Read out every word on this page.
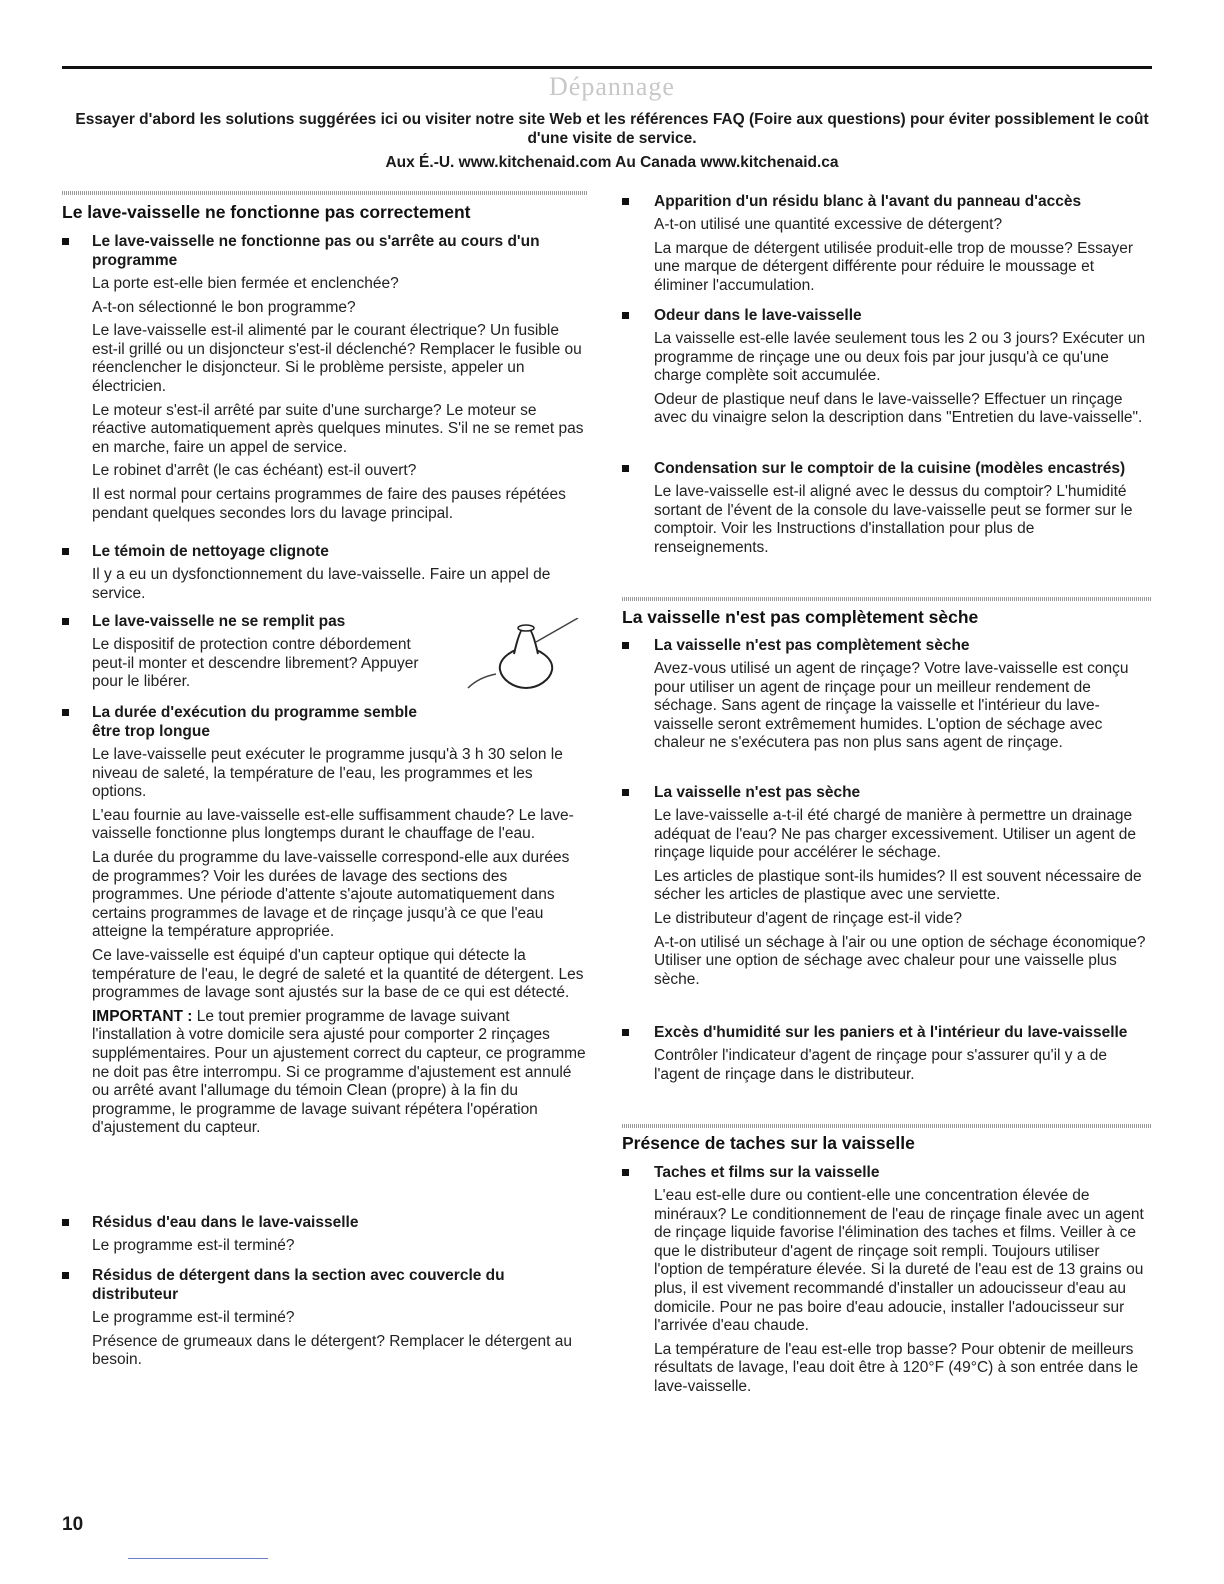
Dépannage
Essayer d'abord les solutions suggérées ici ou visiter notre site Web et les références FAQ (Foire aux questions) pour éviter possiblement le coût d'une visite de service.
Aux É.-U. www.kitchenaid.com Au Canada www.kitchenaid.ca
Le lave-vaisselle ne fonctionne pas correctement
Le lave-vaisselle ne fonctionne pas ou s'arrête au cours d'un programme
La porte est-elle bien fermée et enclenchée?
A-t-on sélectionné le bon programme?
Le lave-vaisselle est-il alimenté par le courant électrique? Un fusible est-il grillé ou un disjoncteur s'est-il déclenché? Remplacer le fusible ou réenclencher le disjoncteur. Si le problème persiste, appeler un électricien.
Le moteur s'est-il arrêté par suite d'une surcharge? Le moteur se réactive automatiquement après quelques minutes. S'il ne se remet pas en marche, faire un appel de service.
Le robinet d'arrêt (le cas échéant) est-il ouvert?
Il est normal pour certains programmes de faire des pauses répétées pendant quelques secondes lors du lavage principal.
Le témoin de nettoyage clignote
Il y a eu un dysfonctionnement du lave-vaisselle. Faire un appel de service.
Le lave-vaisselle ne se remplit pas
Le dispositif de protection contre débordement peut-il monter et descendre librement? Appuyer pour le libérer.
La durée d'exécution du programme semble être trop longue
Le lave-vaisselle peut exécuter le programme jusqu'à 3 h 30 selon le niveau de saleté, la température de l'eau, les programmes et les options.
L'eau fournie au lave-vaisselle est-elle suffisamment chaude? Le lave-vaisselle fonctionne plus longtemps durant le chauffage de l'eau.
La durée du programme du lave-vaisselle correspond-elle aux durées de programmes? Voir les durées de lavage des sections des programmes. Une période d'attente s'ajoute automatiquement dans certains programmes de lavage et de rinçage jusqu'à ce que l'eau atteigne la température appropriée.
Ce lave-vaisselle est équipé d'un capteur optique qui détecte la température de l'eau, le degré de saleté et la quantité de détergent. Les programmes de lavage sont ajustés sur la base de ce qui est détecté.
IMPORTANT : Le tout premier programme de lavage suivant l'installation à votre domicile sera ajusté pour comporter 2 rinçages supplémentaires. Pour un ajustement correct du capteur, ce programme ne doit pas être interrompu. Si ce programme d'ajustement est annulé ou arrêté avant l'allumage du témoin Clean (propre) à la fin du programme, le programme de lavage suivant répétera l'opération d'ajustement du capteur.
Résidus d'eau dans le lave-vaisselle
Le programme est-il terminé?
Résidus de détergent dans la section avec couvercle du distributeur
Le programme est-il terminé?
Présence de grumeaux dans le détergent? Remplacer le détergent au besoin.
Apparition d'un résidu blanc à l'avant du panneau d'accès
A-t-on utilisé une quantité excessive de détergent?
La marque de détergent utilisée produit-elle trop de mousse? Essayer une marque de détergent différente pour réduire le moussage et éliminer l'accumulation.
Odeur dans le lave-vaisselle
La vaisselle est-elle lavée seulement tous les 2 ou 3 jours? Exécuter un programme de rinçage une ou deux fois par jour jusqu'à ce qu'une charge complète soit accumulée.
Odeur de plastique neuf dans le lave-vaisselle? Effectuer un rinçage avec du vinaigre selon la description dans "Entretien du lave-vaisselle".
Condensation sur le comptoir de la cuisine (modèles encastrés)
Le lave-vaisselle est-il aligné avec le dessus du comptoir? L'humidité sortant de l'évent de la console du lave-vaisselle peut se former sur le comptoir. Voir les Instructions d'installation pour plus de renseignements.
La vaisselle n'est pas complètement sèche
La vaisselle n'est pas complètement sèche
Avez-vous utilisé un agent de rinçage? Votre lave-vaisselle est conçu pour utiliser un agent de rinçage pour un meilleur rendement de séchage. Sans agent de rinçage la vaisselle et l'intérieur du lave-vaisselle seront extrêmement humides. L'option de séchage avec chaleur ne s'exécutera pas non plus sans agent de rinçage.
La vaisselle n'est pas sèche
Le lave-vaisselle a-t-il été chargé de manière à permettre un drainage adéquat de l'eau? Ne pas charger excessivement. Utiliser un agent de rinçage liquide pour accélérer le séchage.
Les articles de plastique sont-ils humides? Il est souvent nécessaire de sécher les articles de plastique avec une serviette.
Le distributeur d'agent de rinçage est-il vide?
A-t-on utilisé un séchage à l'air ou une option de séchage économique? Utiliser une option de séchage avec chaleur pour une vaisselle plus sèche.
Excès d'humidité sur les paniers et à l'intérieur du lave-vaisselle
Contrôler l'indicateur d'agent de rinçage pour s'assurer qu'il y a de l'agent de rinçage dans le distributeur.
Présence de taches sur la vaisselle
Taches et films sur la vaisselle
L'eau est-elle dure ou contient-elle une concentration élevée de minéraux? Le conditionnement de l'eau de rinçage finale avec un agent de rinçage liquide favorise l'élimination des taches et films. Veiller à ce que le distributeur d'agent de rinçage soit rempli. Toujours utiliser l'option de température élevée. Si la dureté de l'eau est de 13 grains ou plus, il est vivement recommandé d'installer un adoucisseur d'eau au domicile. Pour ne pas boire d'eau adoucie, installer l'adoucisseur sur l'arrivée d'eau chaude.
La température de l'eau est-elle trop basse? Pour obtenir de meilleurs résultats de lavage, l'eau doit être à 120°F (49°C) à son entrée dans le lave-vaisselle.
10
